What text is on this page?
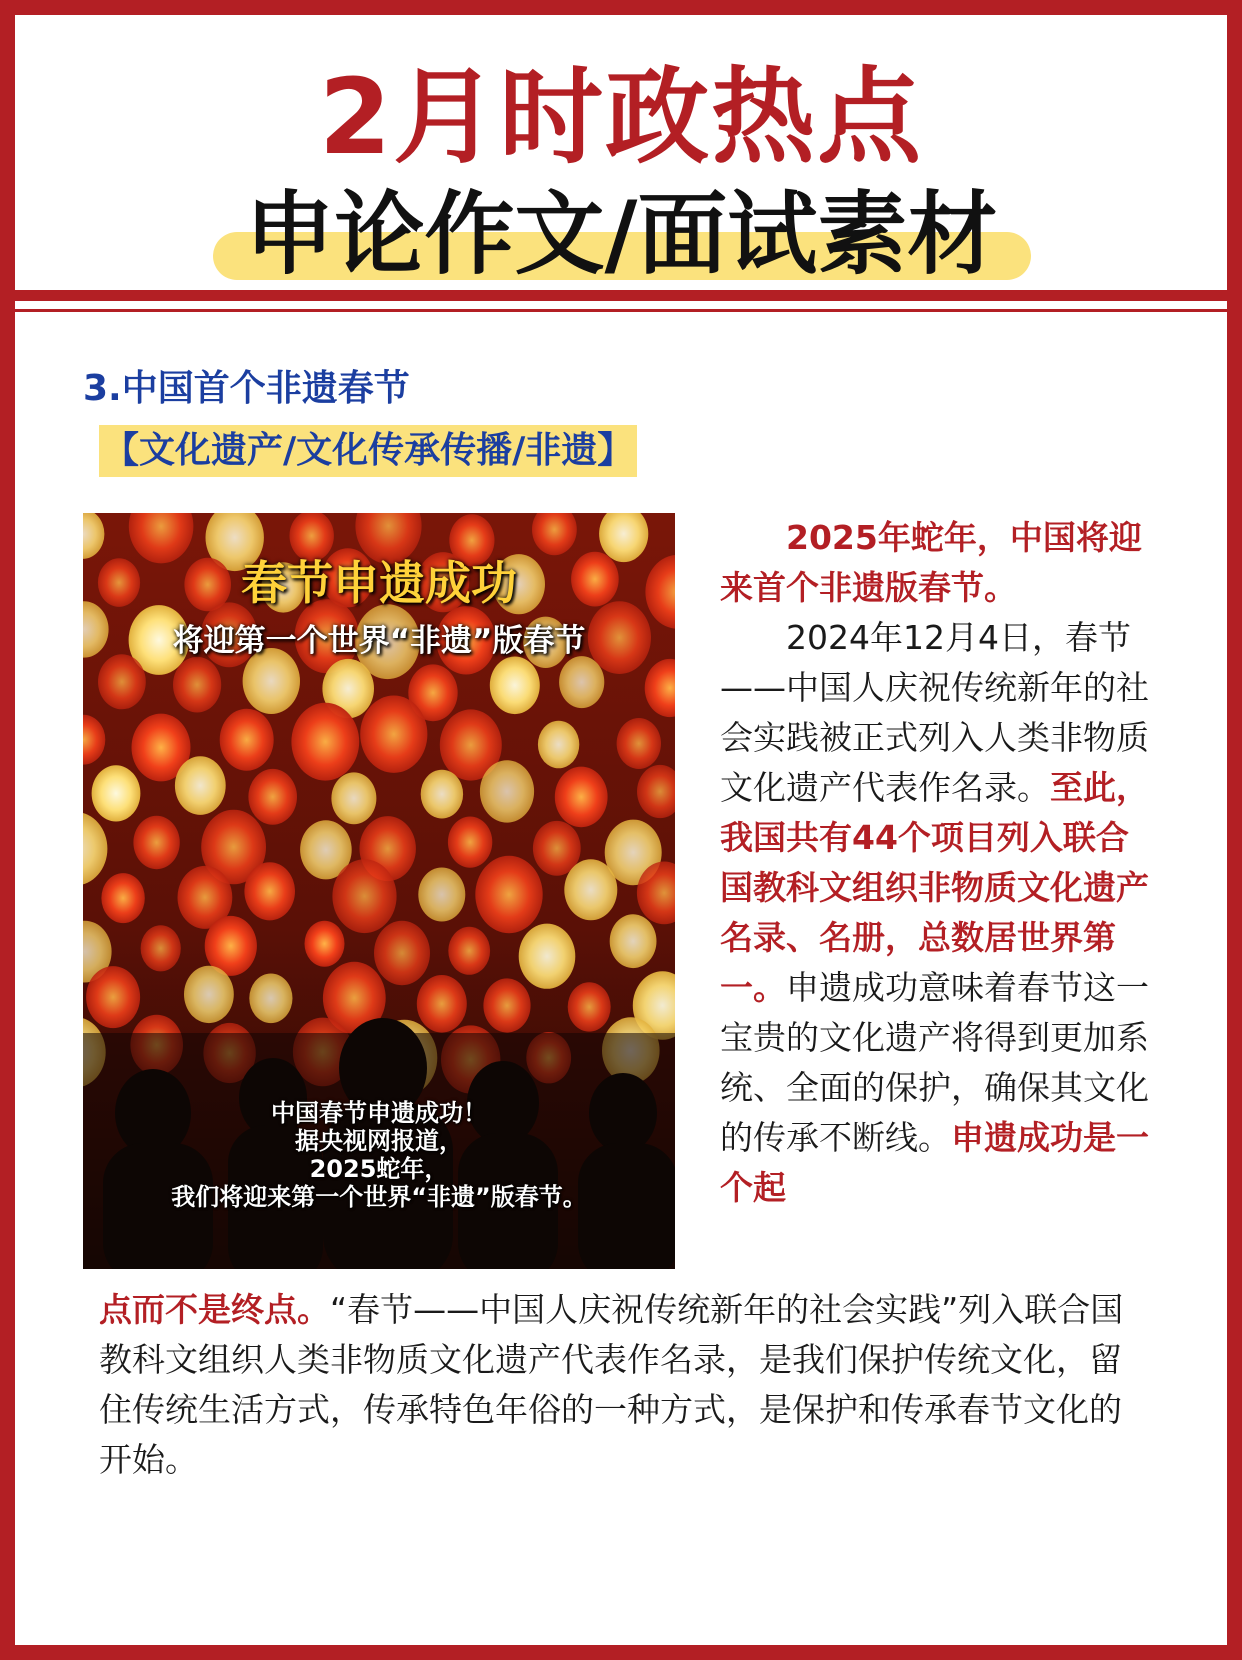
2月时政热点
申论作文/面试素材
3.中国首个非遗春节
【文化遗产/文化传承传播/非遗】
春节申遗成功
将迎第一个世界“非遗”版春节
中国春节申遗成功！
据央视网报道，
2025蛇年，
我们将迎来第一个世界“非遗”版春节。

2025年蛇年，中国将迎来首个非遗版春节。

2024年12月4日，春节——中国人庆祝传统新年的社会实践被正式列入人类非物质文化遗产代表作名录。至此，我国共有44个项目列入联合国教科文组织非物质文化遗产名录、名册，总数居世界第一。申遗成功意味着春节这一宝贵的文化遗产将得到更加系统、全面的保护，确保其文化的传承不断线。申遗成功是一个起

点而不是终点。“春节——中国人庆祝传统新年的社会实践”列入联合国教科文组织人类非物质文化遗产代表作名录，是我们保护传统文化，留住传统生活方式，传承特色年俗的一种方式，是保护和传承春节文化的开始。
